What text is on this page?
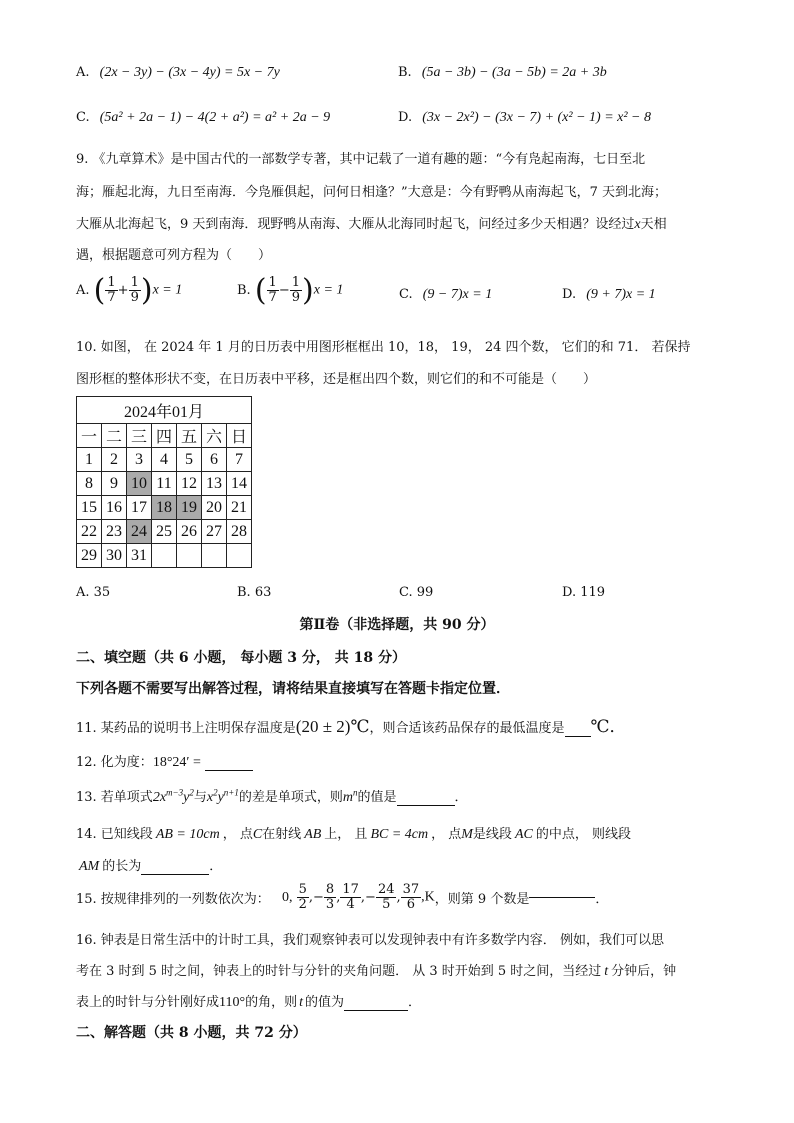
A. (2x − 3y) − (3x − 4y) = 5x − 7y	B. (5a − 3b) − (3a − 5b) = 2a + 3b
C. (5a² + 2a − 1) − 4(2 + a²) = a² + 2a − 9	D. (3x − 2x²) − (3x − 7) + (x² − 1) = x² − 8
9. 《九章算术》是中国古代的一部数学专著，其中记载了一道有趣的题：“今有凫起南海，七日至北
海；雁起北海，九日至南海．今凫雁俱起，问何日相逢？”大意是：今有野鸭从南海起飞，7 天到北海；
大雁从北海起飞，9 天到南海．现野鸭从南海、大雁从北海同时起飞，问经过多少天相遇？设经过x天相
遇，根据题意可列方程为（　　）
A. ( $\frac{1}{7} + \frac{1}{9} )x = 1$	B. ( $\frac{1}{7} - \frac{1}{9} )x = 1$	C. (9 − 7)x = 1	D. (9 + 7)x = 1
10. 如图， 在 2024 年 1 月的日历表中用图形框框出 10，18， 19， 24 四个数， 它们的和 71． 若保持
图形框的整体形状不变，在日历表中平移，还是框出四个数，则它们的和不可能是（　　）
2024年01月						
一	二	三	四	五	六	日
1	2	3	4	5	6	7
8	9	10	11	12	13	14
15	16	17	18	19	20	21
22	23	24	25	26	27	28
29	30	31				
A. 35	B. 63	C. 99	D. 119
第Ⅱ卷（非选择题，共 90 分）
二、填空题（共 6 小题， 每小题 3 分， 共 18 分）
下列各题不需要写出解答过程，请将结果直接填写在答题卡指定位置．
11. 某药品的说明书上注明保存温度是(20 ± 2)℃，则合适该药品保存的最低温度是 ℃．
12. 化为度：18°24′ =
13. 若单项式$2x^{m-3}y^2$与$x^2y^{n+1}$的差是单项式，则$m^n$的值是	．
14. 已知线段 AB = 10cm ， 点C在射线 AB 上， 且 BC = 4cm ， 点M是线段 AC 的中点， 则线段
AM 的长为	．
15. 按规律排列的一列数依次为： 0, $\frac{5}{2}$ ,− $\frac{8}{3}$ , $\frac{17}{4}$ ,− $\frac{24}{5}$ , $\frac{37}{6} ,K$，则第 9 个数是	．
16. 钟表是日常生活中的计时工具，我们观察钟表可以发现钟表中有许多数学内容． 例如，我们可以思
考在 3 时到 5 时之间，钟表上的时针与分针的夹角问题． 从 3 时开始到 5 时之间，当经过 t 分钟后，钟
表上的时针与分针刚好成110°的角，则 t 的值为	．
二、解答题（共 8 小题，共 72 分）
